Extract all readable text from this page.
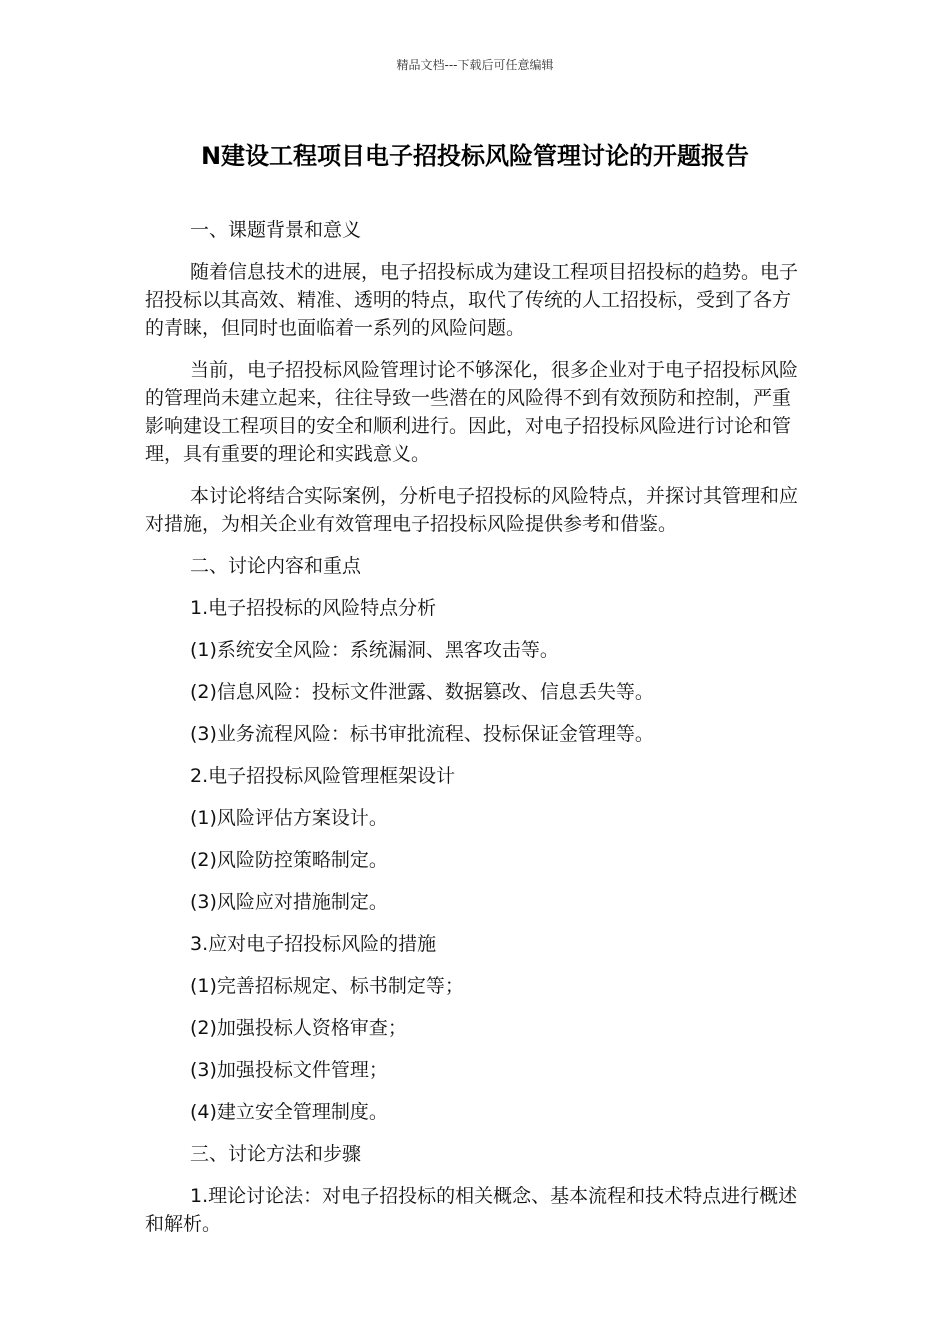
精品文档---下载后可任意编辑
N建设工程项目电子招投标风险管理讨论的开题报告

一、课题背景和意义

随着信息技术的进展，电子招投标成为建设工程项目招投标的趋势。电子招投标以其高效、精准、透明的特点，取代了传统的人工招投标，受到了各方的青睐，但同时也面临着一系列的风险问题。

当前，电子招投标风险管理讨论不够深化，很多企业对于电子招投标风险的管理尚未建立起来，往往导致一些潜在的风险得不到有效预防和控制，严重影响建设工程项目的安全和顺利进行。因此，对电子招投标风险进行讨论和管理，具有重要的理论和实践意义。

本讨论将结合实际案例，分析电子招投标的风险特点，并探讨其管理和应对措施，为相关企业有效管理电子招投标风险提供参考和借鉴。

二、讨论内容和重点

1.电子招投标的风险特点分析

(1)系统安全风险：系统漏洞、黑客攻击等。

(2)信息风险：投标文件泄露、数据篡改、信息丢失等。

(3)业务流程风险：标书审批流程、投标保证金管理等。

2.电子招投标风险管理框架设计

(1)风险评估方案设计。

(2)风险防控策略制定。

(3)风险应对措施制定。

3.应对电子招投标风险的措施

(1)完善招标规定、标书制定等；

(2)加强投标人资格审查；

(3)加强投标文件管理；

(4)建立安全管理制度。

三、讨论方法和步骤

1.理论讨论法：对电子招投标的相关概念、基本流程和技术特点进行概述和解析。
